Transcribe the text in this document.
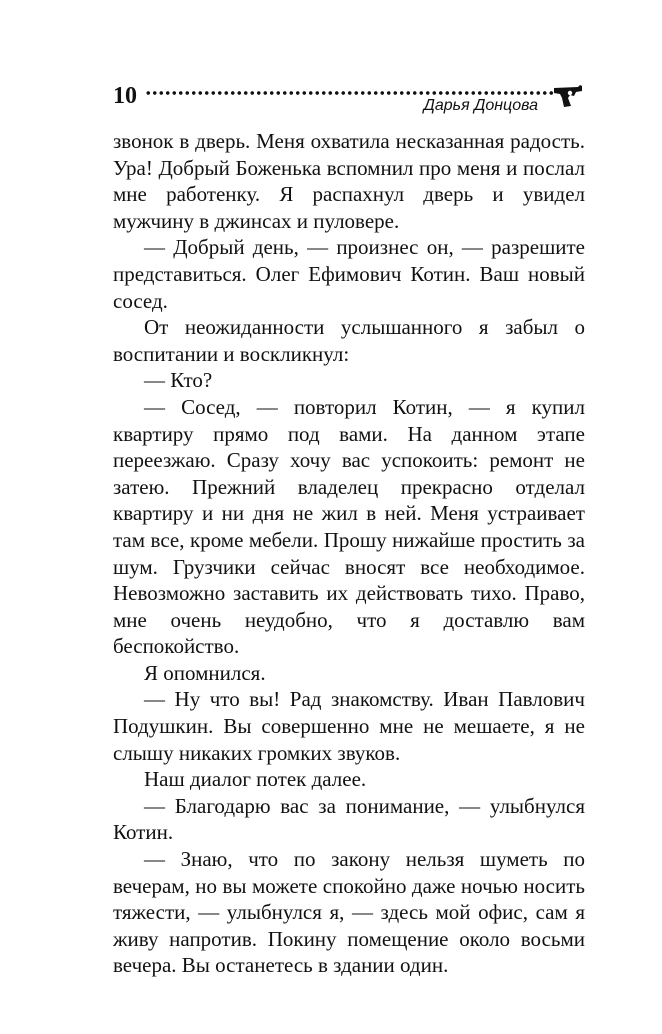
10	Дарья Донцова

звонок в дверь. Меня охватила несказанная радость. Ура! Добрый Боженька вспомнил про меня и послал мне работенку. Я распахнул дверь и увидел мужчину в джинсах и пуловере.

— Добрый день, — произнес он, — разрешите представиться. Олег Ефимович Котин. Ваш новый сосед.

От неожиданности услышанного я забыл о воспитании и воскликнул:

— Кто?

— Сосед, — повторил Котин, — я купил квартиру прямо под вами. На данном этапе переезжаю. Сразу хочу вас успокоить: ремонт не затею. Прежний владелец прекрасно отделал квартиру и ни дня не жил в ней. Меня устраивает там все, кроме мебели. Прошу нижайше простить за шум. Грузчики сейчас вносят все необходимое. Невозможно заставить их действовать тихо. Право, мне очень неудобно, что я доставлю вам беспокойство.

Я опомнился.

— Ну что вы! Рад знакомству. Иван Павлович Подушкин. Вы совершенно мне не мешаете, я не слышу никаких громких звуков.

Наш диалог потек далее.

— Благодарю вас за понимание, — улыбнулся Котин.

— Знаю, что по закону нельзя шуметь по вечерам, но вы можете спокойно даже ночью носить тяжести, — улыбнулся я, — здесь мой офис, сам я живу напротив. Покину помещение около восьми вечера. Вы останетесь в здании один.
